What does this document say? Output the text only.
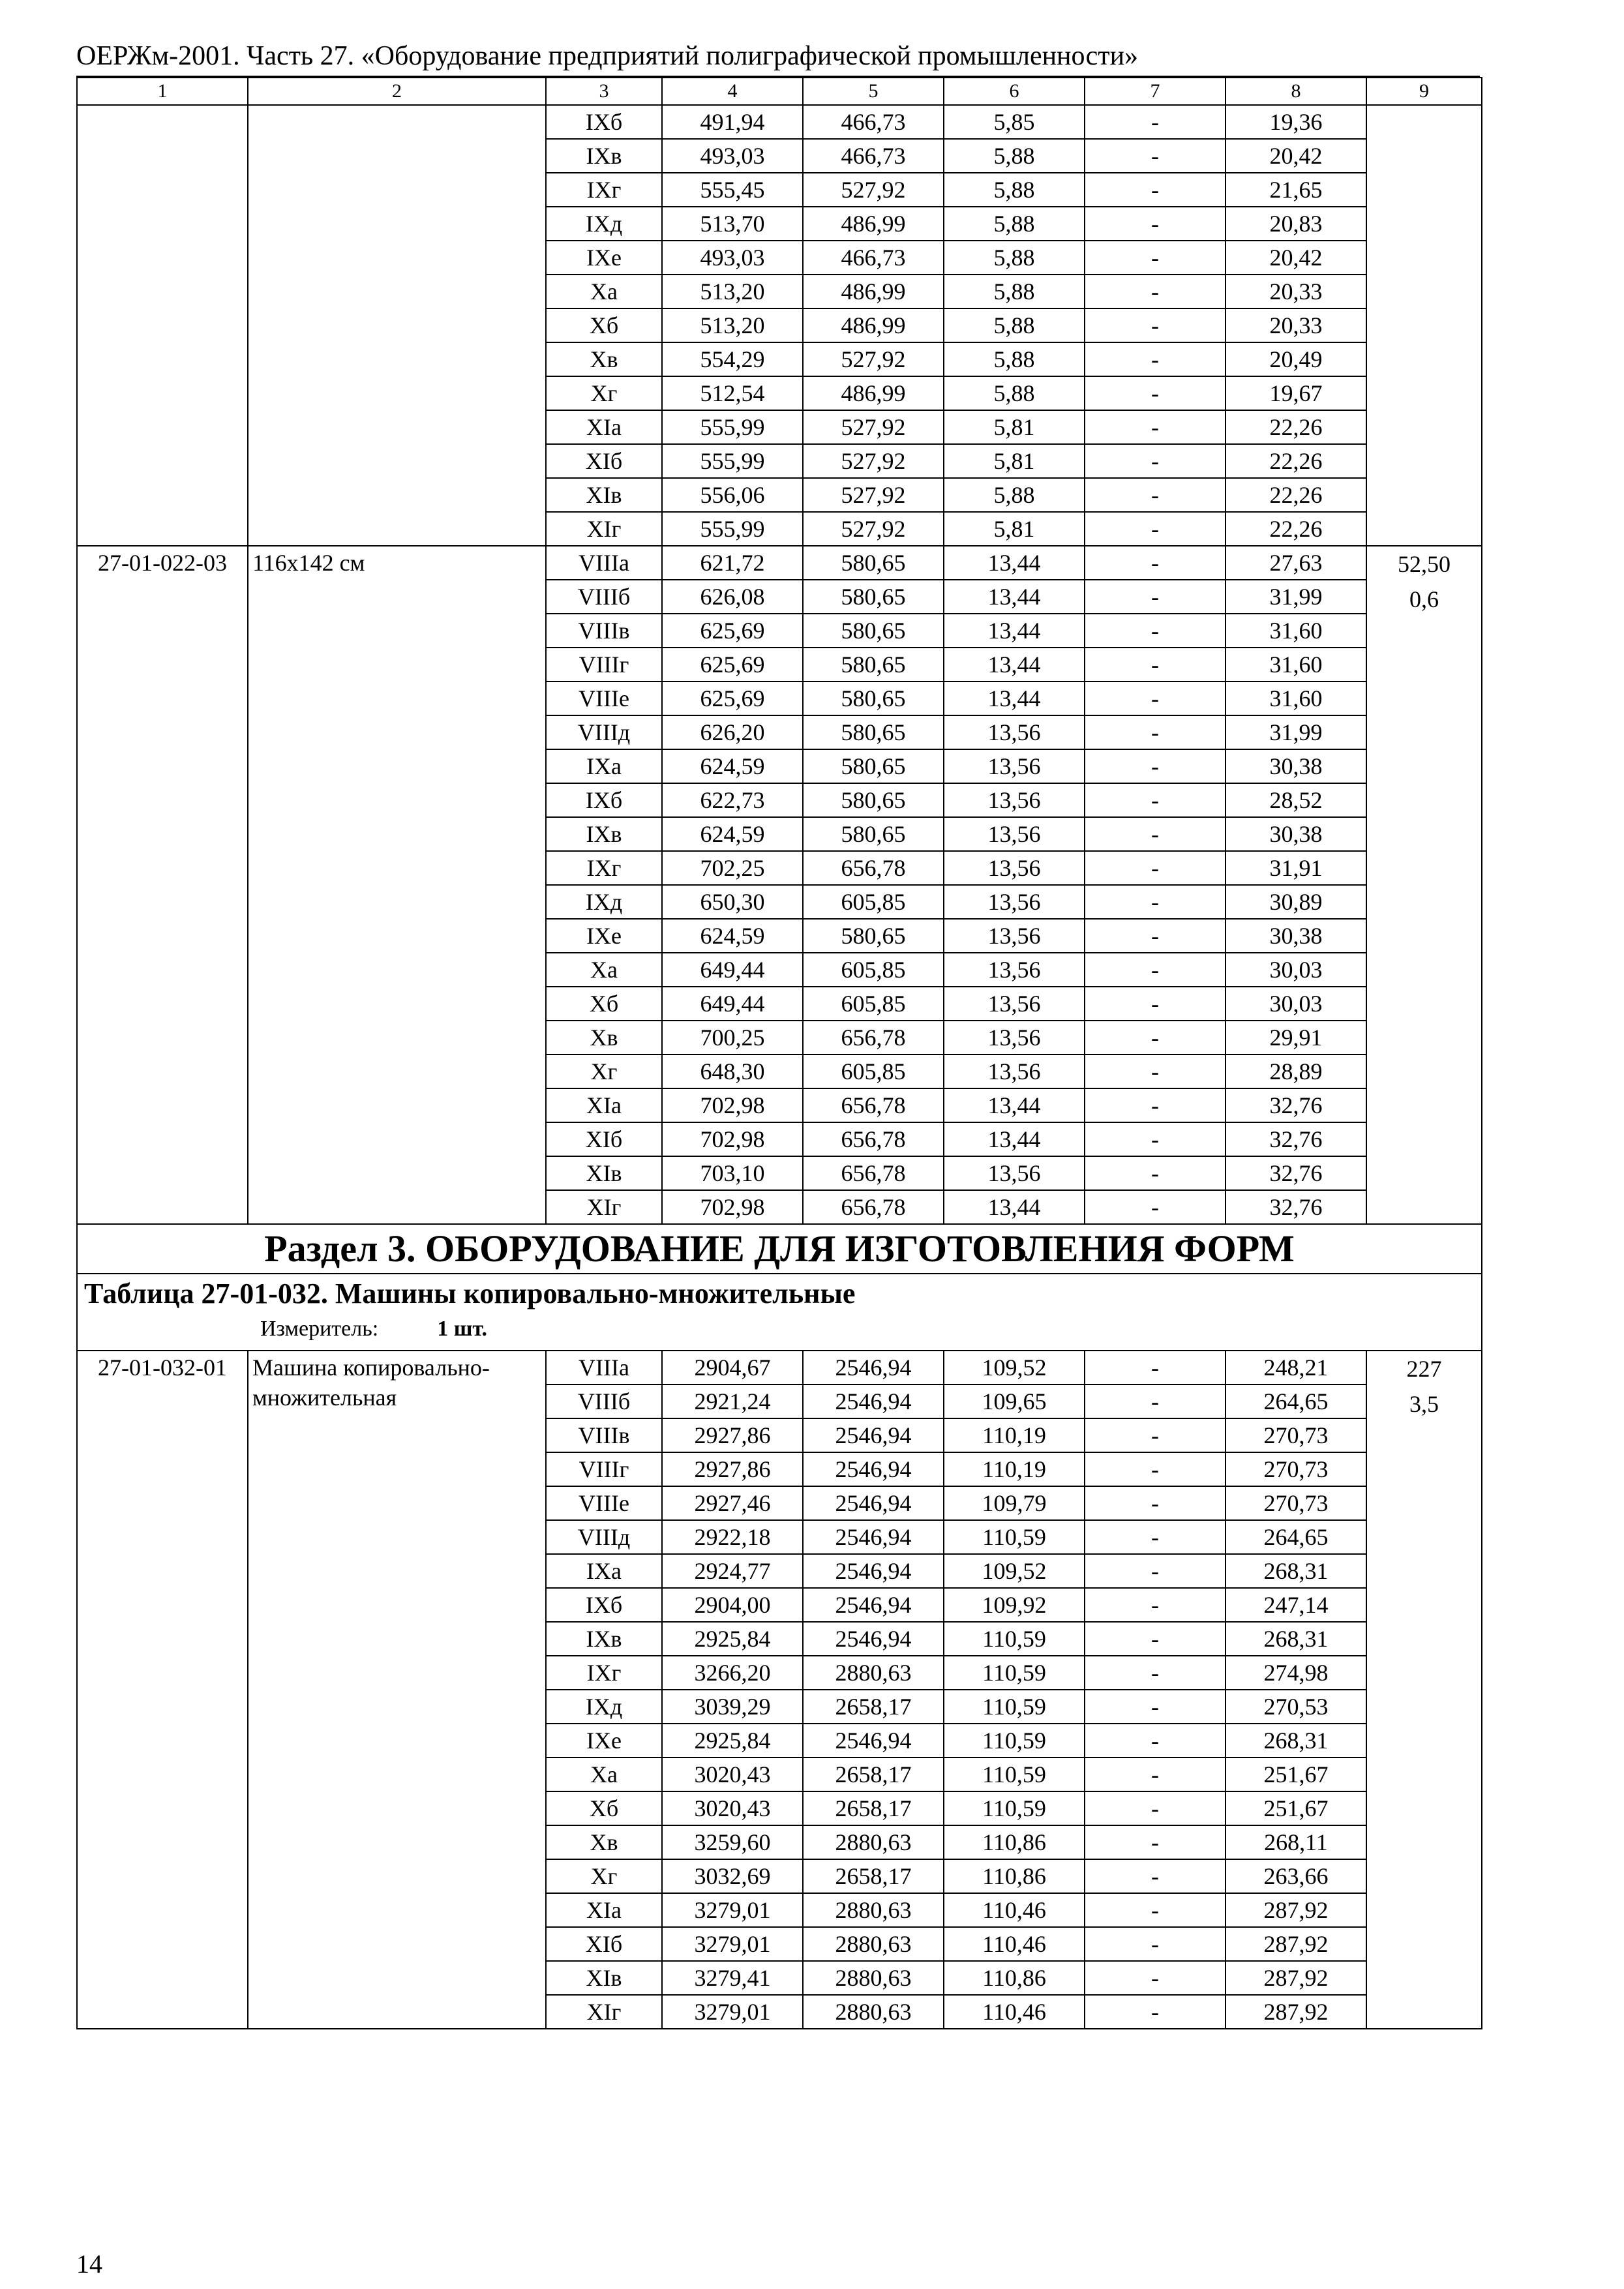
ОЕРЖм-2001. Часть 27. «Оборудование предприятий полиграфической промышленности»
1	2	3	4	5	6	7	8	9
		IXб	491,94	466,73	5,85	-	19,36	
		IXв	493,03	466,73	5,88	-	20,42	
		IXг	555,45	527,92	5,88	-	21,65	
		IXд	513,70	486,99	5,88	-	20,83	
		IXе	493,03	466,73	5,88	-	20,42	
		Xа	513,20	486,99	5,88	-	20,33	
		Xб	513,20	486,99	5,88	-	20,33	
		Xв	554,29	527,92	5,88	-	20,49	
		Xг	512,54	486,99	5,88	-	19,67	
		XIа	555,99	527,92	5,81	-	22,26	
		XIб	555,99	527,92	5,81	-	22,26	
		XIв	556,06	527,92	5,88	-	22,26	
		XIг	555,99	527,92	5,81	-	22,26	
27-01-022-03	116х142 см	VIIIа	621,72	580,65	13,44	-	27,63	52,50
0,6

		VIIIб	626,08	580,65	13,44	-	31,99	
		VIIIв	625,69	580,65	13,44	-	31,60	
		VIIIг	625,69	580,65	13,44	-	31,60	
		VIIIе	625,69	580,65	13,44	-	31,60	
		VIIIд	626,20	580,65	13,56	-	31,99	
		IXа	624,59	580,65	13,56	-	30,38	
		IXб	622,73	580,65	13,56	-	28,52	
		IXв	624,59	580,65	13,56	-	30,38	
		IXг	702,25	656,78	13,56	-	31,91	
		IXд	650,30	605,85	13,56	-	30,89	
		IXе	624,59	580,65	13,56	-	30,38	
		Xа	649,44	605,85	13,56	-	30,03	
		Xб	649,44	605,85	13,56	-	30,03	
		Xв	700,25	656,78	13,56	-	29,91	
		Xг	648,30	605,85	13,56	-	28,89	
		XIа	702,98	656,78	13,44	-	32,76	
		XIб	702,98	656,78	13,44	-	32,76	
		XIв	703,10	656,78	13,56	-	32,76	
		XIг	702,98	656,78	13,44	-	32,76	
Раздел 3. ОБОРУДОВАНИЕ ДЛЯ ИЗГОТОВЛЕНИЯ ФОРМ								

Таблица 27-01-032. Машины копировально-множительные
Измеритель: 1 шт.								

27-01-032-01	Машина копировально-множительная	VIIIа	2904,67	2546,94	109,52	-	248,21	227
3,5

		VIIIб	2921,24	2546,94	109,65	-	264,65	
		VIIIв	2927,86	2546,94	110,19	-	270,73	
		VIIIг	2927,86	2546,94	110,19	-	270,73	
		VIIIе	2927,46	2546,94	109,79	-	270,73	
		VIIIд	2922,18	2546,94	110,59	-	264,65	
		IXа	2924,77	2546,94	109,52	-	268,31	
		IXб	2904,00	2546,94	109,92	-	247,14	
		IXв	2925,84	2546,94	110,59	-	268,31	
		IXг	3266,20	2880,63	110,59	-	274,98	
		IXд	3039,29	2658,17	110,59	-	270,53	
		IXе	2925,84	2546,94	110,59	-	268,31	
		Xа	3020,43	2658,17	110,59	-	251,67	
		Xб	3020,43	2658,17	110,59	-	251,67	
		Xв	3259,60	2880,63	110,86	-	268,11	
		Xг	3032,69	2658,17	110,86	-	263,66	
		XIа	3279,01	2880,63	110,46	-	287,92	
		XIб	3279,01	2880,63	110,46	-	287,92	
		XIв	3279,41	2880,63	110,86	-	287,92	
		XIг	3279,01	2880,63	110,46	-	287,92	
14
